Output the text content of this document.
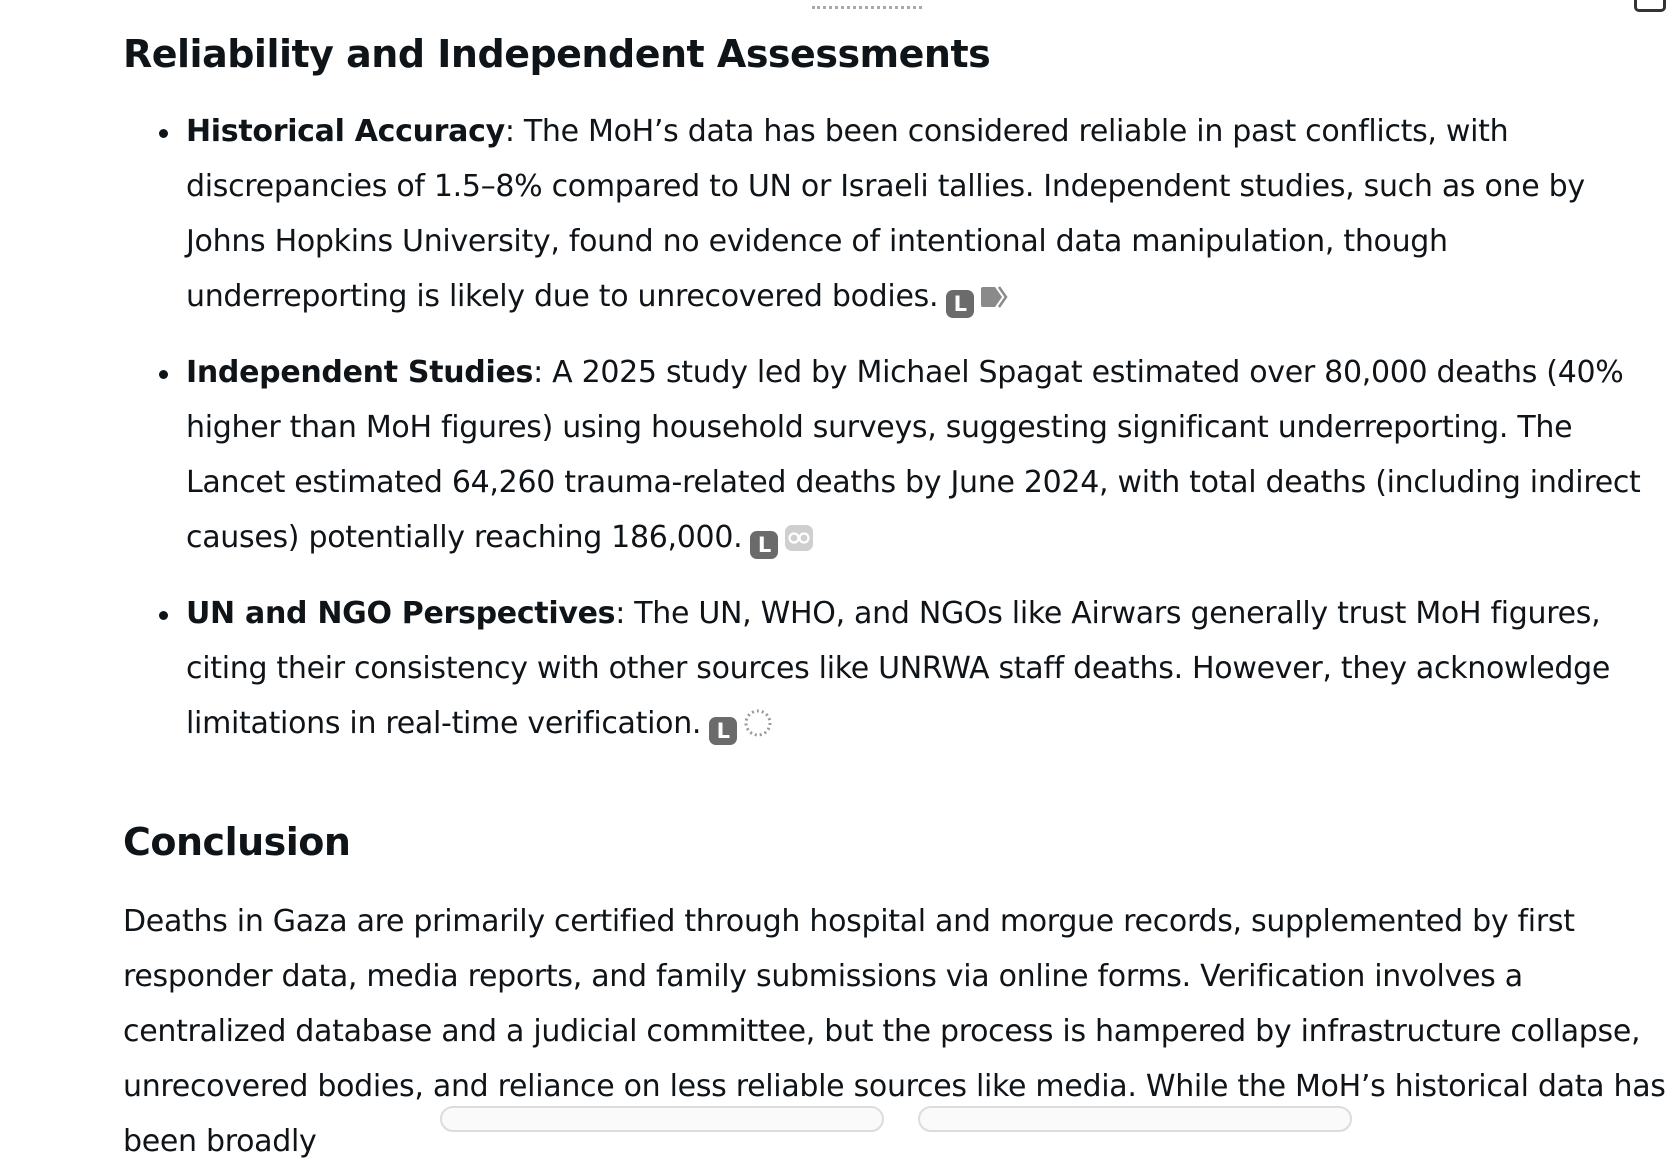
Reliability and Independent Assessments
Historical Accuracy: The MoH’s data has been considered reliable in past conflicts, with discrepancies of 1.5–8% compared to UN or Israeli tallies. Independent studies, such as one by Johns Hopkins University, found no evidence of intentional data manipulation, though underreporting is likely due to unrecovered bodies. L
Independent Studies: A 2025 study led by Michael Spagat estimated over 80,000 deaths (40% higher than MoH figures) using household surveys, suggesting significant underreporting. The Lancet estimated 64,260 trauma-related deaths by June 2024, with total deaths (including indirect causes) potentially reaching 186,000. L
UN and NGO Perspectives: The UN, WHO, and NGOs like Airwars generally trust MoH figures, citing their consistency with other sources like UNRWA staff deaths. However, they acknowledge limitations in real-time verification. L
Conclusion

Deaths in Gaza are primarily certified through hospital and morgue records, supplemented by first responder data, media reports, and family submissions via online forms. Verification involves a centralized database and a judicial committee, but the process is hampered by infrastructure collapse, unrecovered bodies, and reliance on less reliable sources like media. While the MoH’s historical data has been broadly
